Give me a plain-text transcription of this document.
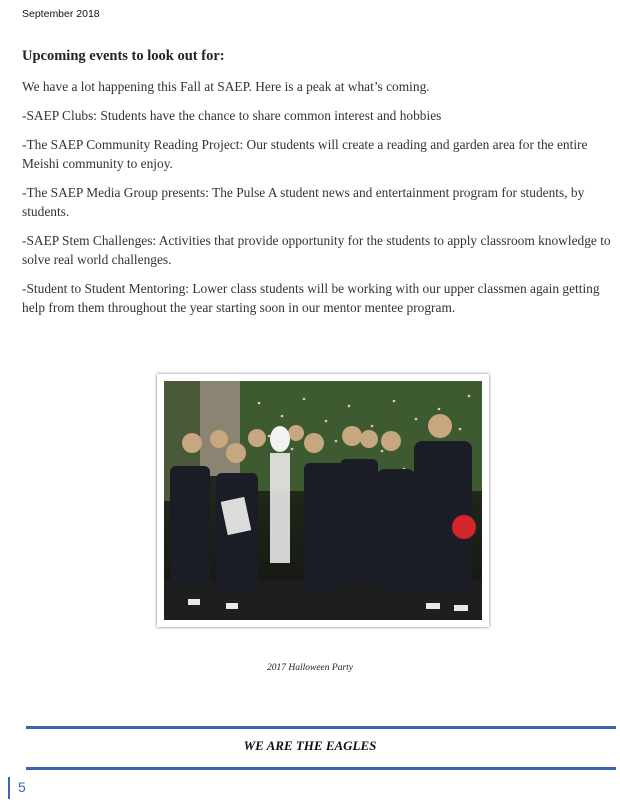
September 2018
Upcoming events to look out for:

We have a lot happening this Fall at SAEP. Here is a peak at what’s coming.

-SAEP Clubs: Students have the chance to share common interest and hobbies

-The SAEP Community Reading Project: Our students will create a reading and garden area for the entire Meishi community to enjoy.

-The SAEP Media Group presents: The Pulse A student news and entertainment program for students, by students.

-SAEP Stem Challenges: Activities that provide opportunity for the students to apply classroom knowledge to solve real world challenges.

-Student to Student Mentoring: Lower class students will be working with our upper classmen again getting help from them throughout the year starting soon in our mentor mentee program.

2017 Halloween Party
WE ARE THE EAGLES
5
